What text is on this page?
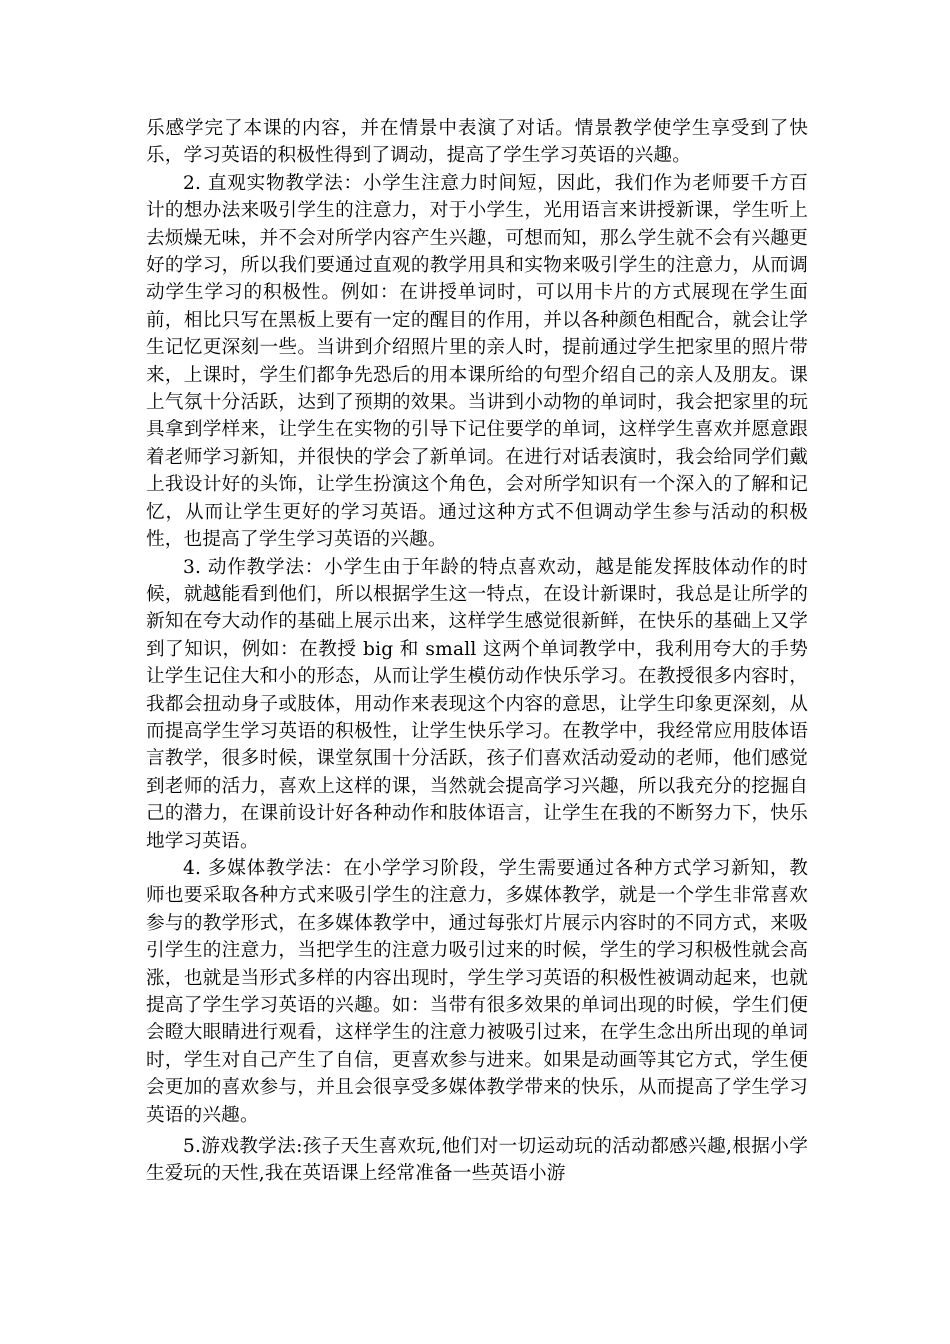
乐感学完了本课的内容，并在情景中表演了对话。情景教学使学生享受到了快乐，学习英语的积极性得到了调动，提高了学生学习英语的兴趣。

2. 直观实物教学法：小学生注意力时间短，因此，我们作为老师要千方百计的想办法来吸引学生的注意力，对于小学生，光用语言来讲授新课，学生听上去烦燥无味，并不会对所学内容产生兴趣，可想而知，那么学生就不会有兴趣更好的学习，所以我们要通过直观的教学用具和实物来吸引学生的注意力，从而调动学生学习的积极性。例如：在讲授单词时，可以用卡片的方式展现在学生面前，相比只写在黑板上要有一定的醒目的作用，并以各种颜色相配合，就会让学生记忆更深刻一些。当讲到介绍照片里的亲人时，提前通过学生把家里的照片带来，上课时，学生们都争先恐后的用本课所给的句型介绍自己的亲人及朋友。课上气氛十分活跃，达到了预期的效果。当讲到小动物的单词时，我会把家里的玩具拿到学样来，让学生在实物的引导下记住要学的单词，这样学生喜欢并愿意跟着老师学习新知，并很快的学会了新单词。在进行对话表演时，我会给同学们戴上我设计好的头饰，让学生扮演这个角色，会对所学知识有一个深入的了解和记忆，从而让学生更好的学习英语。通过这种方式不但调动学生参与活动的积极性，也提高了学生学习英语的兴趣。

3. 动作教学法：小学生由于年龄的特点喜欢动，越是能发挥肢体动作的时候，就越能看到他们，所以根据学生这一特点，在设计新课时，我总是让所学的新知在夸大动作的基础上展示出来，这样学生感觉很新鲜，在快乐的基础上又学到了知识，例如：在教授 big 和 small 这两个单词教学中，我利用夸大的手势让学生记住大和小的形态，从而让学生模仿动作快乐学习。在教授很多内容时，我都会扭动身子或肢体，用动作来表现这个内容的意思，让学生印象更深刻，从而提高学生学习英语的积极性，让学生快乐学习。在教学中，我经常应用肢体语言教学，很多时候，课堂氛围十分活跃，孩子们喜欢活动爱动的老师，他们感觉到老师的活力，喜欢上这样的课，当然就会提高学习兴趣，所以我充分的挖掘自己的潜力，在课前设计好各种动作和肢体语言，让学生在我的不断努力下，快乐地学习英语。

4. 多媒体教学法：在小学学习阶段，学生需要通过各种方式学习新知，教师也要采取各种方式来吸引学生的注意力，多媒体教学，就是一个学生非常喜欢参与的教学形式，在多媒体教学中，通过每张灯片展示内容时的不同方式，来吸引学生的注意力，当把学生的注意力吸引过来的时候，学生的学习积极性就会高涨，也就是当形式多样的内容出现时，学生学习英语的积极性被调动起来，也就提高了学生学习英语的兴趣。如：当带有很多效果的单词出现的时候，学生们便会瞪大眼睛进行观看，这样学生的注意力被吸引过来，在学生念出所出现的单词时，学生对自己产生了自信，更喜欢参与进来。如果是动画等其它方式，学生便会更加的喜欢参与，并且会很享受多媒体教学带来的快乐，从而提高了学生学习英语的兴趣。

5.游戏教学法:孩子天生喜欢玩,他们对一切运动玩的活动都感兴趣,根据小学生爱玩的天性,我在英语课上经常准备一些英语小游
